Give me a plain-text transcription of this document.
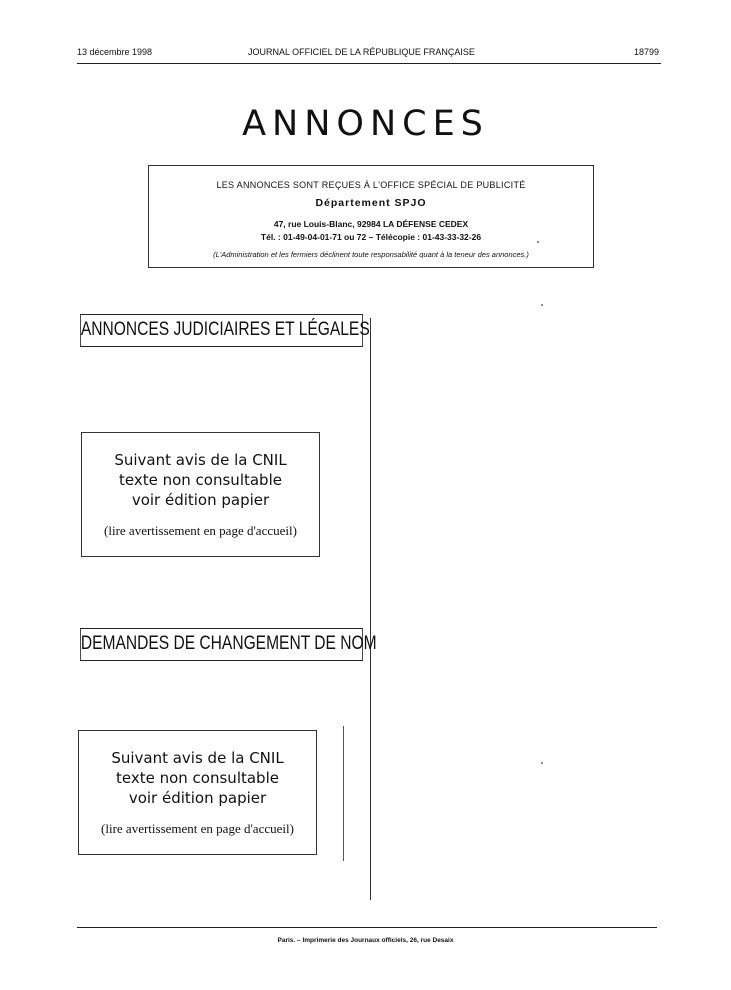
13 décembre 1998	JOURNAL OFFICIEL DE LA RÉPUBLIQUE FRANÇAISE	18799
ANNONCES
LES ANNONCES SONT REÇUES À L'OFFICE SPÉCIAL DE PUBLICITÉ
Département SPJO
47, rue Louis-Blanc, 92984 LA DÉFENSE CEDEX
Tél. : 01-49-04-01-71 ou 72 – Télécopie : 01-43-33-32-26
(L'Administration et les fermiers déclinent toute responsabilité quant à la teneur des annonces.)
ANNONCES JUDICIAIRES ET LÉGALES
Suivant avis de la CNIL
texte non consultable
voir édition papier
(lire avertissement en page d'accueil)
DEMANDES DE CHANGEMENT DE NOM
Suivant avis de la CNIL
texte non consultable
voir édition papier
(lire avertissement en page d'accueil)
Paris. – Imprimerie des Journaux officiels, 26, rue Desaix
